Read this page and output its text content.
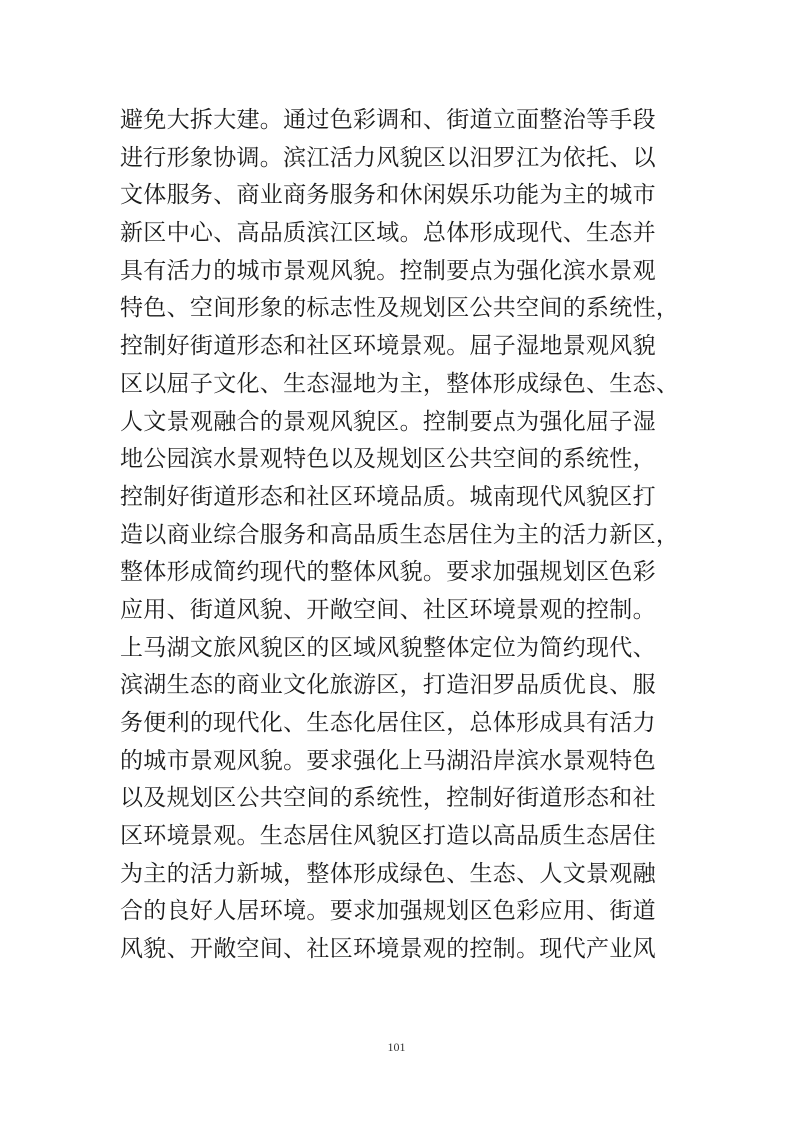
避免大拆大建。通过色彩调和、街道立面整治等手段
进行形象协调。滨江活力风貌区以汨罗江为依托、以
文体服务、商业商务服务和休闲娱乐功能为主的城市
新区中心、高品质滨江区域。总体形成现代、生态并
具有活力的城市景观风貌。控制要点为强化滨水景观
特色、空间形象的标志性及规划区公共空间的系统性，
控制好街道形态和社区环境景观。屈子湿地景观风貌
区以屈子文化、生态湿地为主，整体形成绿色、生态、
人文景观融合的景观风貌区。控制要点为强化屈子湿
地公园滨水景观特色以及规划区公共空间的系统性，
控制好街道形态和社区环境品质。城南现代风貌区打
造以商业综合服务和高品质生态居住为主的活力新区，
整体形成简约现代的整体风貌。要求加强规划区色彩
应用、街道风貌、开敞空间、社区环境景观的控制。
上马湖文旅风貌区的区域风貌整体定位为简约现代、
滨湖生态的商业文化旅游区，打造汨罗品质优良、服
务便利的现代化、生态化居住区，总体形成具有活力
的城市景观风貌。要求强化上马湖沿岸滨水景观特色
以及规划区公共空间的系统性，控制好街道形态和社
区环境景观。生态居住风貌区打造以高品质生态居住
为主的活力新城，整体形成绿色、生态、人文景观融
合的良好人居环境。要求加强规划区色彩应用、街道
风貌、开敞空间、社区环境景观的控制。现代产业风
101
